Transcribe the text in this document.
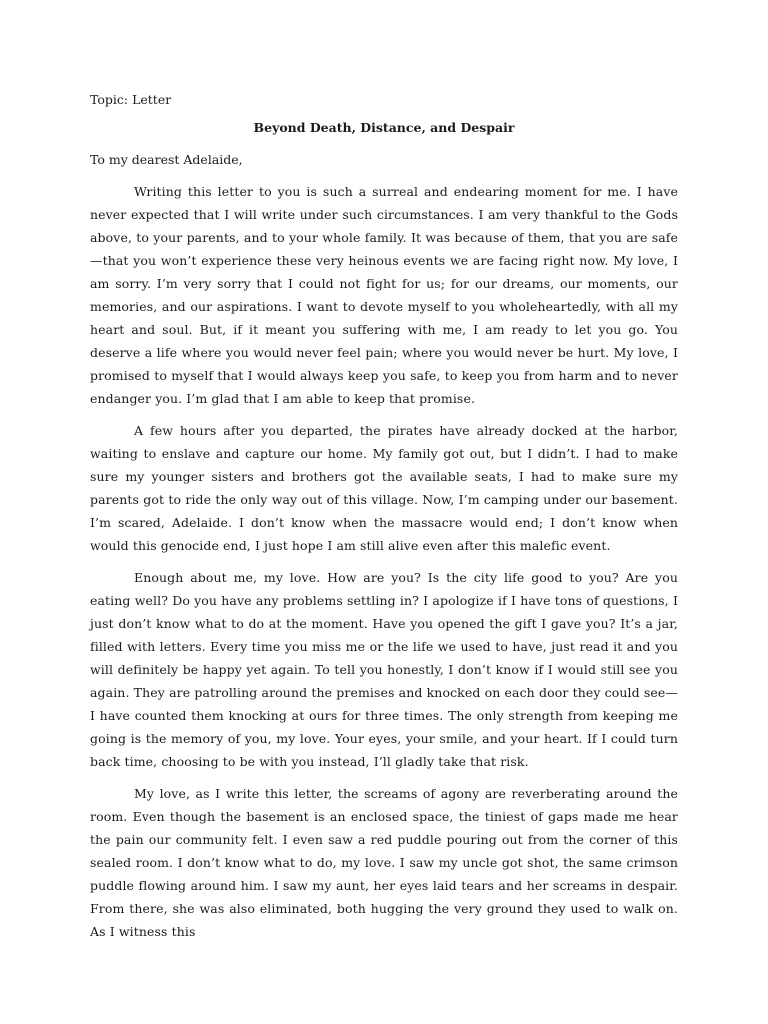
Topic: Letter

Beyond Death, Distance, and Despair

To my dearest Adelaide,

Writing this letter to you is such a surreal and endearing moment for me. I have never expected that I will write under such circumstances. I am very thankful to the Gods above, to your parents, and to your whole family. It was because of them, that you are safe—that you won’t experience these very heinous events we are facing right now. My love, I am sorry. I’m very sorry that I could not fight for us; for our dreams, our moments, our memories, and our aspirations. I want to devote myself to you wholeheartedly, with all my heart and soul. But, if it meant you suffering with me, I am ready to let you go. You deserve a life where you would never feel pain; where you would never be hurt. My love, I promised to myself that I would always keep you safe, to keep you from harm and to never endanger you. I’m glad that I am able to keep that promise.

A few hours after you departed, the pirates have already docked at the harbor, waiting to enslave and capture our home. My family got out, but I didn’t. I had to make sure my younger sisters and brothers got the available seats, I had to make sure my parents got to ride the only way out of this village. Now, I’m camping under our basement. I’m scared, Adelaide. I don’t know when the massacre would end; I don’t know when would this genocide end, I just hope I am still alive even after this malefic event.

Enough about me, my love. How are you? Is the city life good to you? Are you eating well? Do you have any problems settling in? I apologize if I have tons of questions, I just don’t know what to do at the moment. Have you opened the gift I gave you? It’s a jar, filled with letters. Every time you miss me or the life we used to have, just read it and you will definitely be happy yet again. To tell you honestly, I don’t know if I would still see you again. They are patrolling around the premises and knocked on each door they could see—I have counted them knocking at ours for three times. The only strength from keeping me going is the memory of you, my love. Your eyes, your smile, and your heart. If I could turn back time, choosing to be with you instead, I’ll gladly take that risk.

My love, as I write this letter, the screams of agony are reverberating around the room. Even though the basement is an enclosed space, the tiniest of gaps made me hear the pain our community felt. I even saw a red puddle pouring out from the corner of this sealed room. I don’t know what to do, my love. I saw my uncle got shot, the same crimson puddle flowing around him. I saw my aunt, her eyes laid tears and her screams in despair. From there, she was also eliminated, both hugging the very ground they used to walk on. As I witness this
